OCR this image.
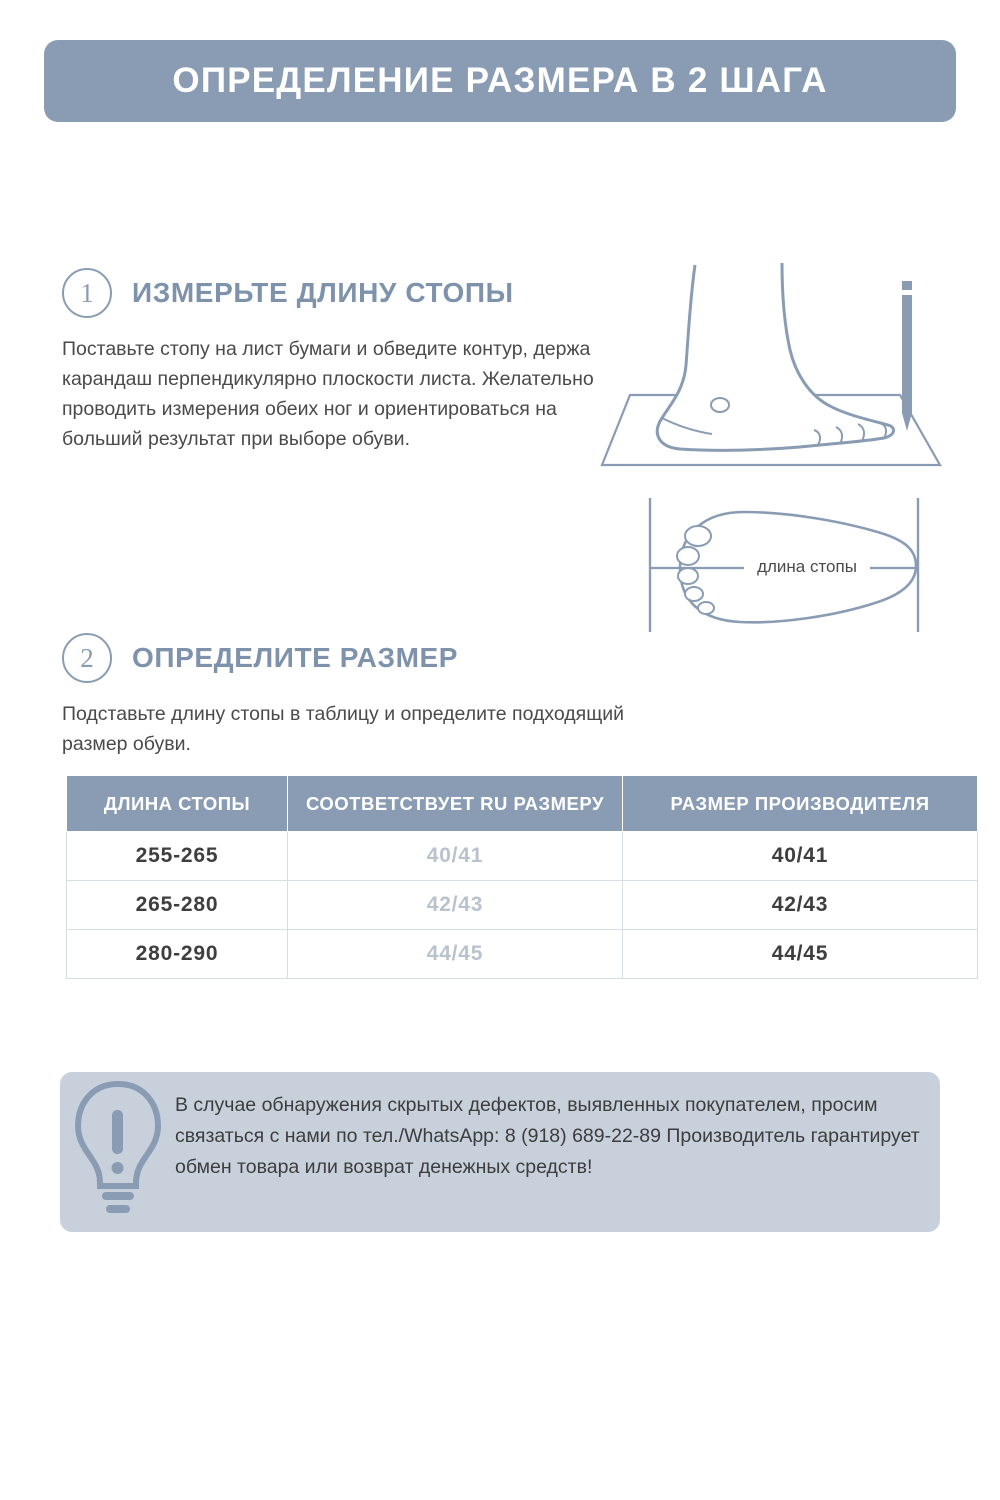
ОПРЕДЕЛЕНИЕ РАЗМЕРА В 2 ШАГА
1	ИЗМЕРЬТЕ ДЛИНУ СТОПЫ
Поставьте стопу на лист бумаги и обведите контур, держа карандаш перпендикулярно плоскости листа. Желательно проводить измерения обеих ног и ориентироваться на больший результат при выборе обуви.
длина стопы
2	ОПРЕДЕЛИТЕ РАЗМЕР
Подставьте длину стопы в таблицу и определите подходящий размер обуви.
ДЛИНА СТОПЫ	СООТВЕТСТВУЕТ RU РАЗМЕРУ	РАЗМЕР ПРОИЗВОДИТЕЛЯ
255-265	40/41	40/41
265-280	42/43	42/43
280-290	44/45	44/45
В случае обнаружения скрытых дефектов, выявленных покупателем, просим связаться с нами по тел./WhatsApp: 8 (918) 689-22-89 Производитель гарантирует обмен товара или возврат денежных средств!
